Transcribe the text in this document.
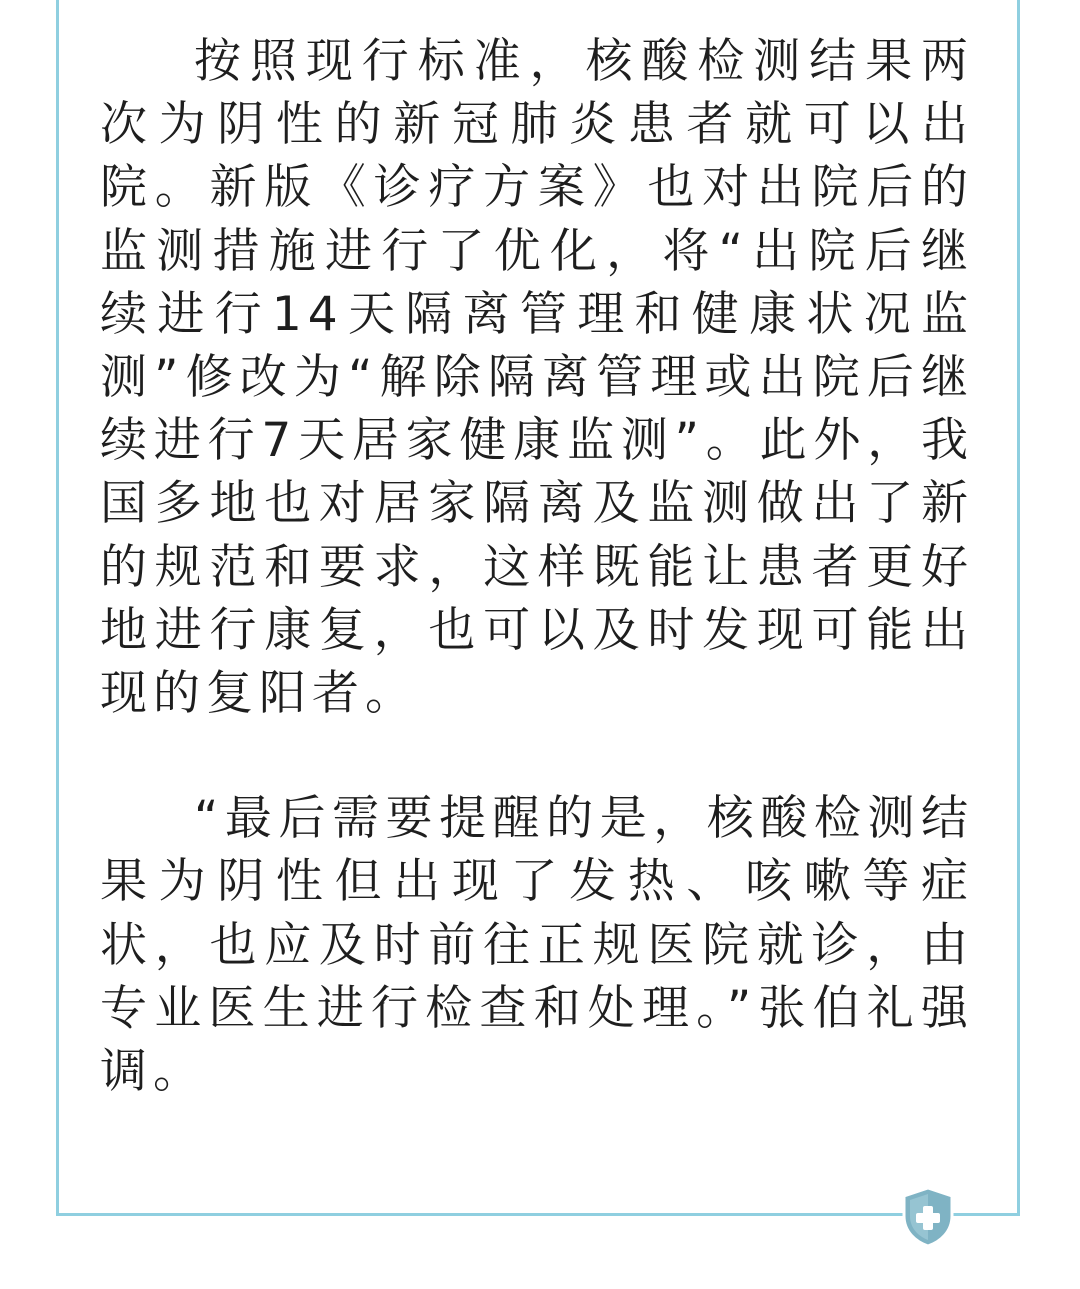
按照现行标准，核酸检测结果两次为阴性的新冠肺炎患者就可以出院。新版《诊疗方案》也对出院后的监测措施进行了优化，将“出院后继续进行14天隔离管理和健康状况监测”修改为“解除隔离管理或出院后继续进行7天居家健康监测”。此外，我国多地也对居家隔离及监测做出了新的规范和要求，这样既能让患者更好地进行康复，也可以及时发现可能出现的复阳者。

“最后需要提醒的是，核酸检测结果为阴性但出现了发热、咳嗽等症状，也应及时前往正规医院就诊，由专业医生进行检查和处理。”张伯礼强调。
